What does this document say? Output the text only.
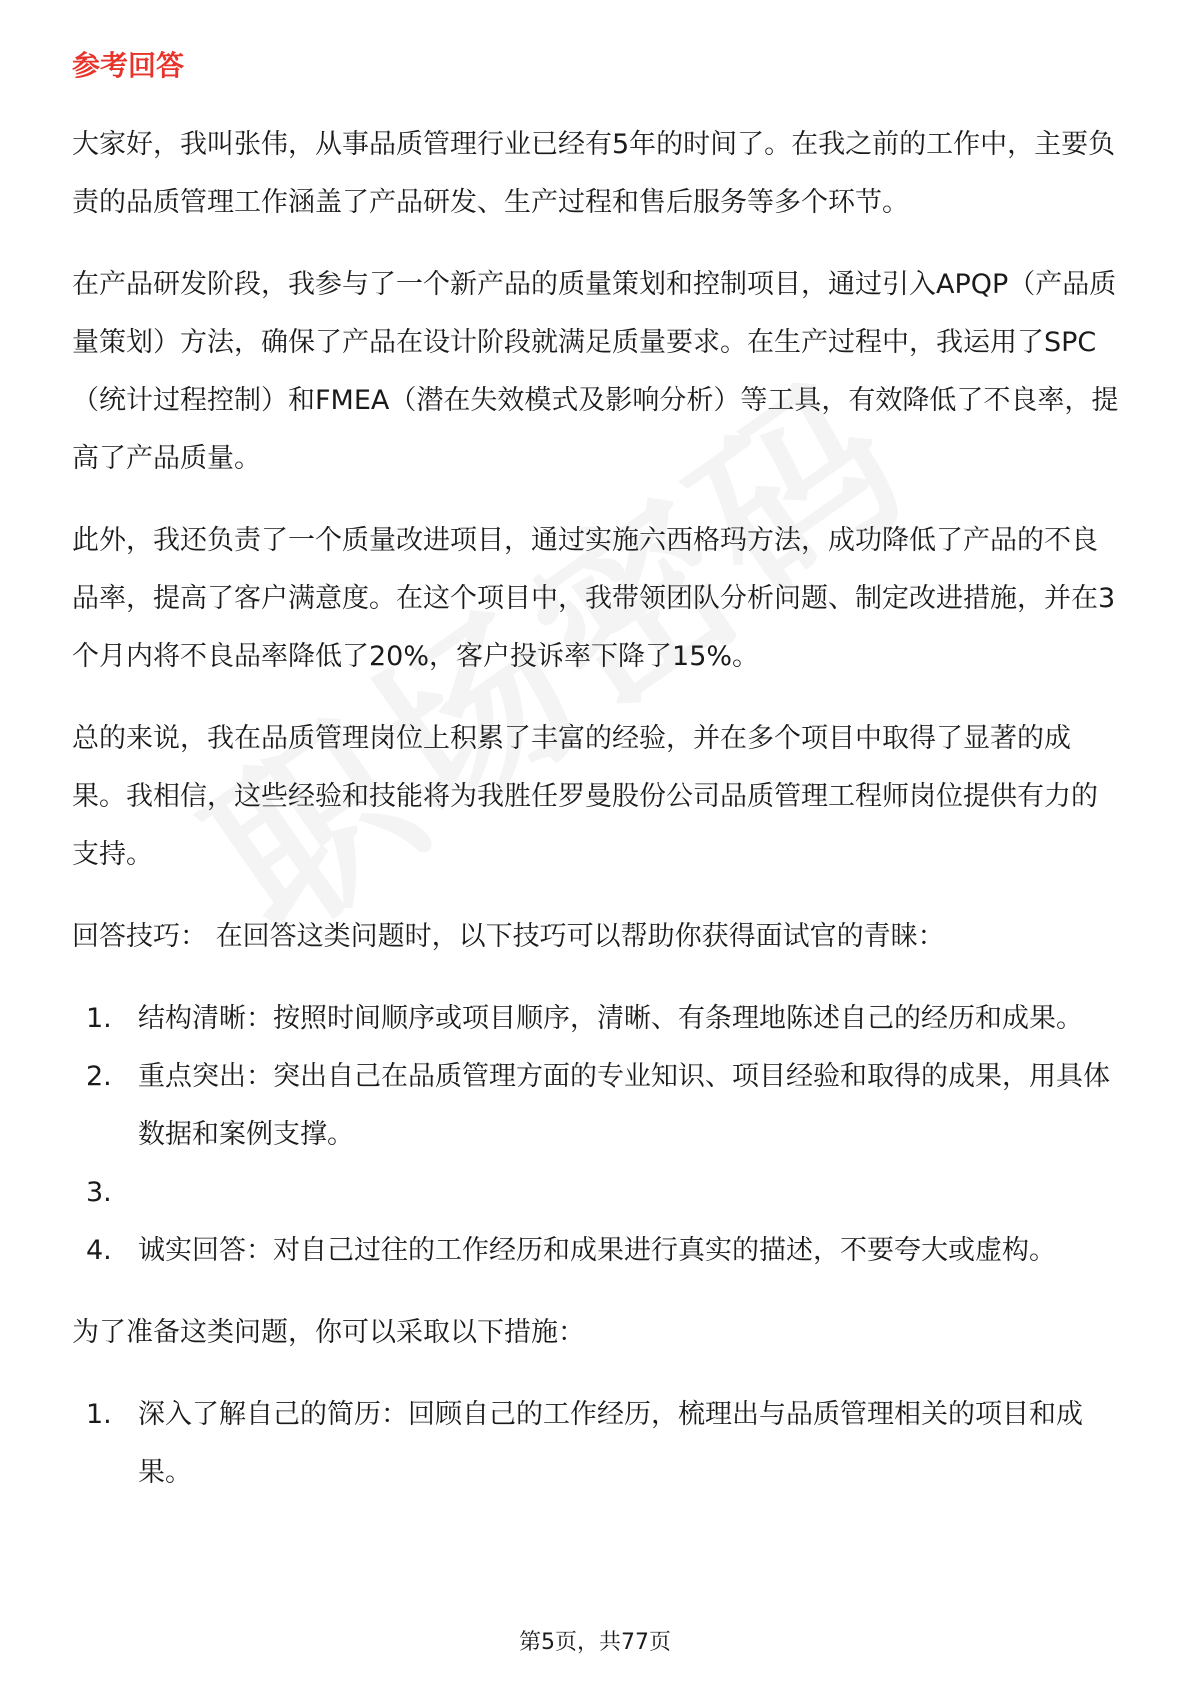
参考回答

大家好，我叫张伟，从事品质管理行业已经有5年的时间了。在我之前的工作中，主要负责的品质管理工作涵盖了产品研发、生产过程和售后服务等多个环节。

在产品研发阶段，我参与了一个新产品的质量策划和控制项目，通过引入APQP（产品质量策划）方法，确保了产品在设计阶段就满足质量要求。在生产过程中，我运用了SPC（统计过程控制）和FMEA（潜在失效模式及影响分析）等工具，有效降低了不良率，提高了产品质量。

此外，我还负责了一个质量改进项目，通过实施六西格玛方法，成功降低了产品的不良品率，提高了客户满意度。在这个项目中，我带领团队分析问题、制定改进措施，并在3个月内将不良品率降低了20%，客户投诉率下降了15%。

总的来说，我在品质管理岗位上积累了丰富的经验，并在多个项目中取得了显著的成果。我相信，这些经验和技能将为我胜任罗曼股份公司品质管理工程师岗位提供有力的支持。

回答技巧： 在回答这类问题时，以下技巧可以帮助你获得面试官的青睐：

1. 结构清晰：按照时间顺序或项目顺序，清晰、有条理地陈述自己的经历和成果。
2. 重点突出：突出自己在品质管理方面的专业知识、项目经验和取得的成果，用具体数据和案例支撑。
3.
4. 诚实回答：对自己过往的工作经历和成果进行真实的描述，不要夸大或虚构。

为了准备这类问题，你可以采取以下措施：

1. 深入了解自己的简历：回顾自己的工作经历，梳理出与品质管理相关的项目和成果。
第5页，共77页
